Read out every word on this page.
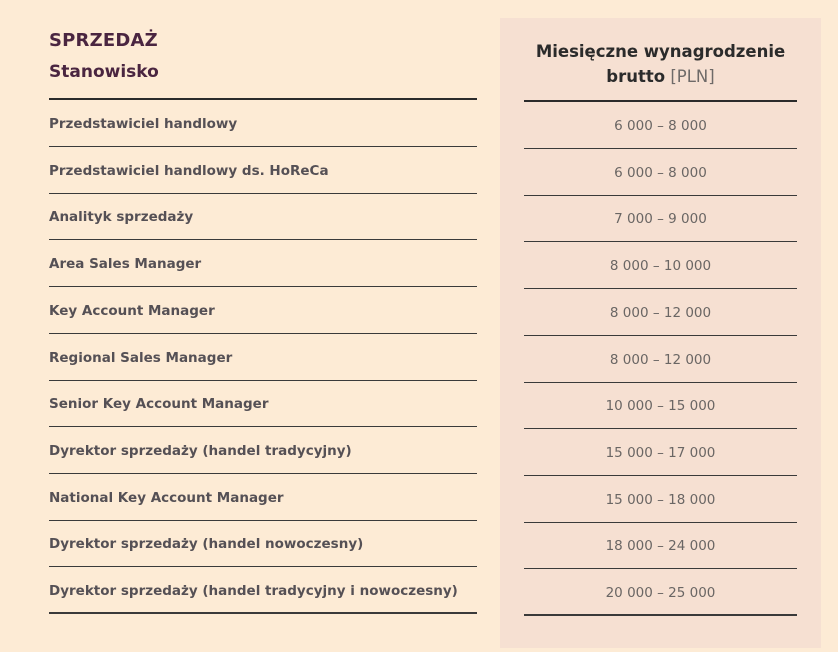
SPRZEDAŻ
Stanowisko
Przedstawiciel handlowy
Przedstawiciel handlowy ds. HoReCa
Analityk sprzedaży
Area Sales Manager
Key Account Manager
Regional Sales Manager
Senior Key Account Manager
Dyrektor sprzedaży (handel tradycyjny)
National Key Account Manager
Dyrektor sprzedaży (handel nowoczesny)
Dyrektor sprzedaży (handel tradycyjny i nowoczesny)
Miesięczne wynagrodzenie
brutto [PLN]
6 000 – 8 000
6 000 – 8 000
7 000 – 9 000
8 000 – 10 000
8 000 – 12 000
8 000 – 12 000
10 000 – 15 000
15 000 – 17 000
15 000 – 18 000
18 000 – 24 000
20 000 – 25 000
